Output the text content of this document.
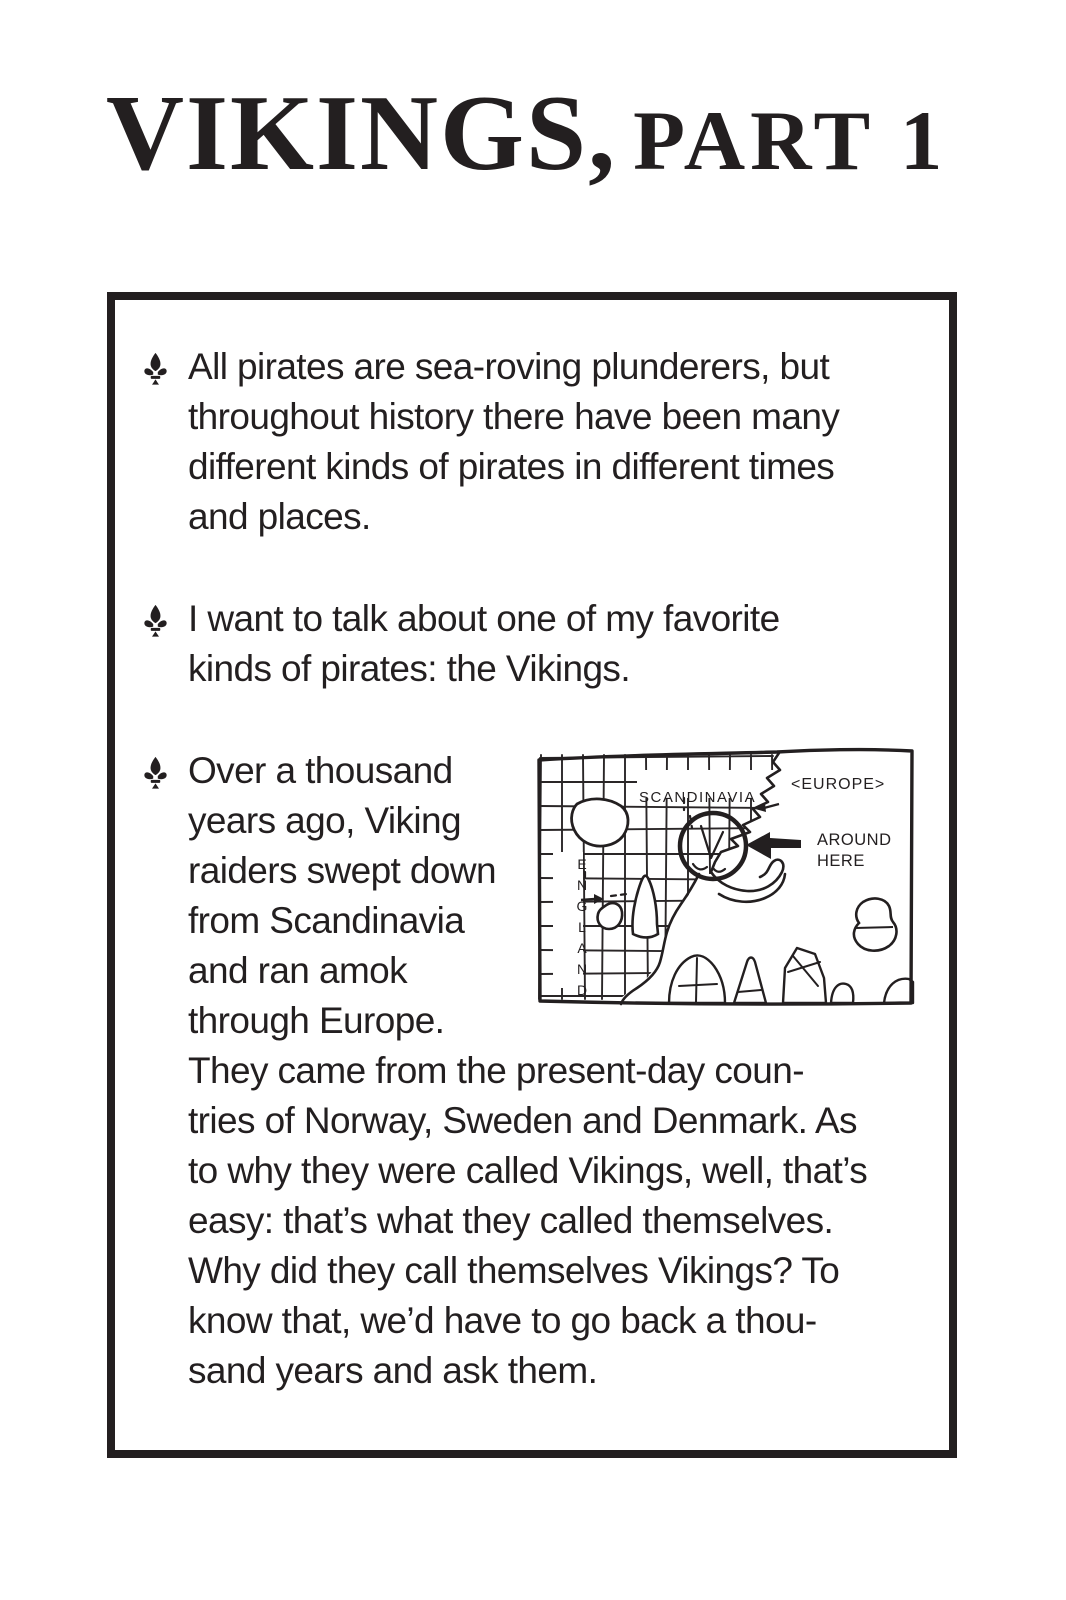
VIKINGS, PART 1
All pirates are sea-roving plunderers, but
throughout history there have been many
different kinds of pirates in different times
and places.
I want to talk about one of my favorite
kinds of pirates: the Vikings.
SCANDINAVIA
<EUROPE>
AROUND
HERE
ENGLAND
Over a thousand
years ago, Viking
raiders swept down
from Scandinavia
and ran amok
through Europe.
They came from the present-day coun-
tries of Norway, Sweden and Denmark. As
to why they were called Vikings, well, that’s
easy: that’s what they called themselves.
Why did they call themselves Vikings? To
know that, we’d have to go back a thou-
sand years and ask them.
